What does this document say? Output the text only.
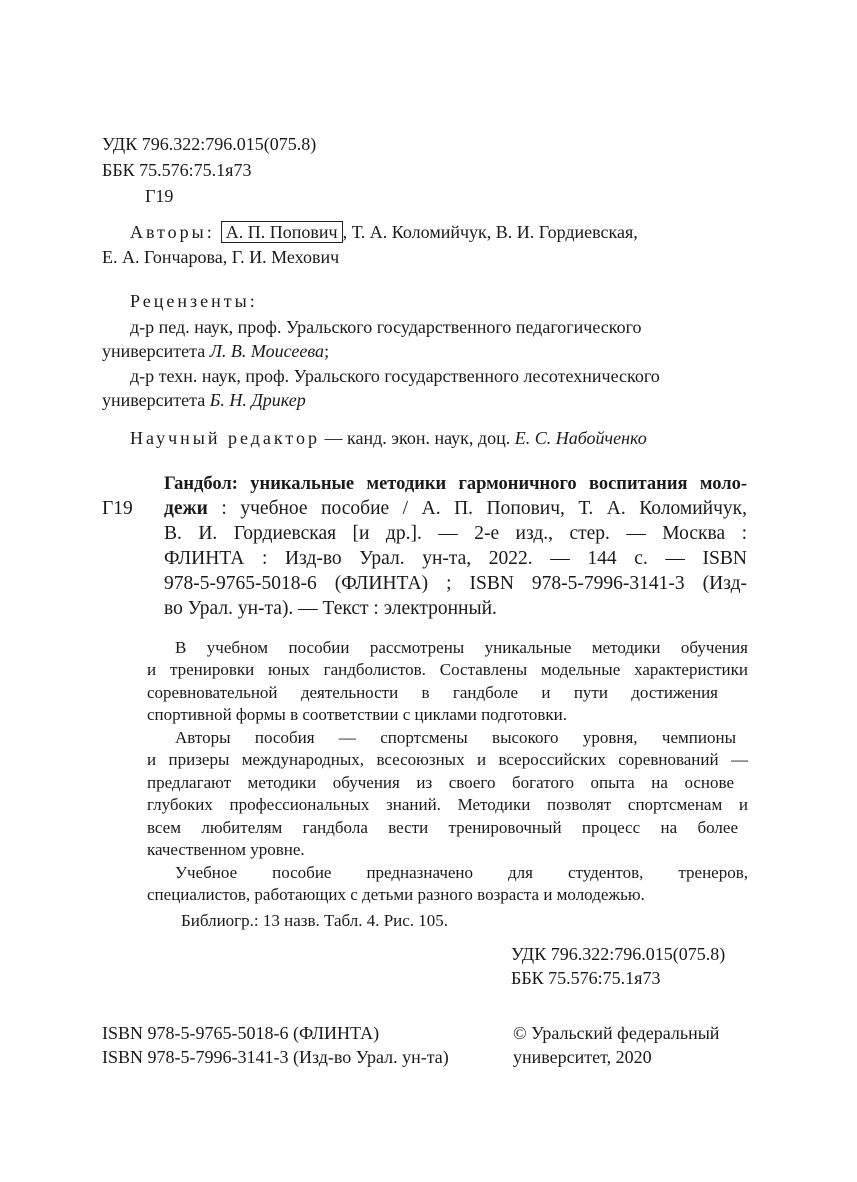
УДК 796.322:796.015(075.8)
ББК 75.576:75.1я73
Г19
Авторы: А. П. Попович , Т. А. Коломийчук, В. И. Гордиевская,
Е. А. Гончарова, Г. И. Мехович
Рецензенты:
д-р пед. наук, проф. Уральского государственного педагогического
университета Л. В. Моисеева;
д-р техн. наук, проф. Уральского государственного лесотехнического
университета Б. Н. Дрикер
Научный редактор — канд. экон. наук, доц. Е. С. Набойченко
Гандбол: уникальные методики гармоничного воспитания моло-
Г19 дежи : учебное пособие / А. П. Попович, Т. А. Коломийчук,
В. И. Гордиевская [и др.]. — 2-е изд., стер. — Москва :
ФЛИНТА : Изд-во Урал. ун-та, 2022. — 144 с. — ISBN
978-5-9765-5018-6 (ФЛИНТА) ; ISBN 978-5-7996-3141-3 (Изд-
во Урал. ун-та). — Текст : электронный.
В учебном пособии рассмотрены уникальные методики обучения
и тренировки юных гандболистов. Составлены модельные характеристики
соревновательной деятельности в гандболе и пути достижения
спортивной формы в соответствии с циклами подготовки.
Авторы пособия — спортсмены высокого уровня, чемпионы
и призеры международных, всесоюзных и всероссийских соревнований —
предлагают методики обучения из своего богатого опыта на основе
глубоких профессиональных знаний. Методики позволят спортсменам и
всем любителям гандбола вести тренировочный процесс на более
качественном уровне.
Учебное пособие предназначено для студентов, тренеров,
специалистов, работающих с детьми разного возраста и молодежью.
Библиогр.: 13 назв. Табл. 4. Рис. 105.
УДК 796.322:796.015(075.8)
ББК 75.576:75.1я73
ISBN 978-5-9765-5018-6 (ФЛИНТА)
ISBN 978-5-7996-3141-3 (Изд-во Урал. ун-та)
© Уральский федеральный
университет, 2020
